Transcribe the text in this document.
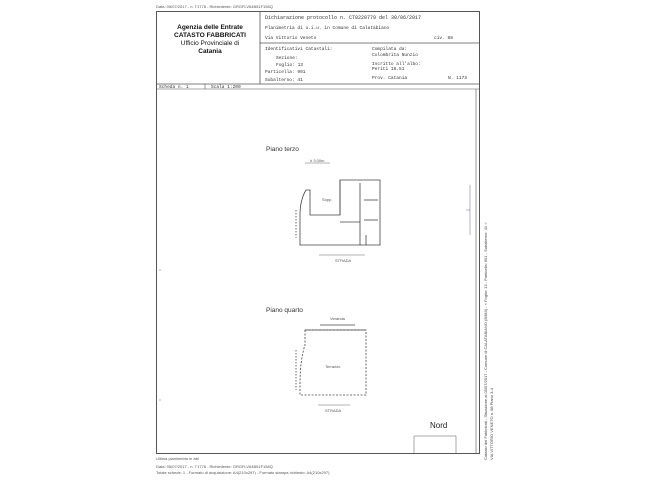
Data: 05/07/2017 - n. T1778 - Richiedente: GRGFLV64B51F158Q
Agenzia delle Entrate
CATASTO FABBRICATI
Ufficio Provinciale di
Catania
Dichiarazione protocollo n. CT0220779 del 30/06/2017
Planimetria di u.i.u. in Comune di Calatabiano
Via Vittorio Veneto	civ. 88
Identificativi Catastali:
Sezione:
Foglio: 13
Particella: 901
Subalterno: 41
Compilata da:
Colombrita Nunzio
Iscritto all'albo:
Periti 16.51
Prov. Catania	N. 1173
Scheda n. 1	Scala 1:200
Piano terzo
h 3.00m
Sopp.
STRADA
Piano quarto
Veranda
Terrazzo
STRADA
Nord	Catasto dei Fabbricati - Situazione al 05/07/2017 - Comune di CALATABIANO (B384) - < Foglio: 13 - Particella: 901 - Subalterno: 41 > VIA VITTORIO VENETO n. 88 Piano 3-4
Ultima planimetria in atti
Data: 05/07/2017 - n. T1778 - Richiedente: GRGFLV64B51F158Q
Totale schede: 1 - Formato di acquisizione: A4(210x297) - Formato stampa richiesto: A4(210x297)
